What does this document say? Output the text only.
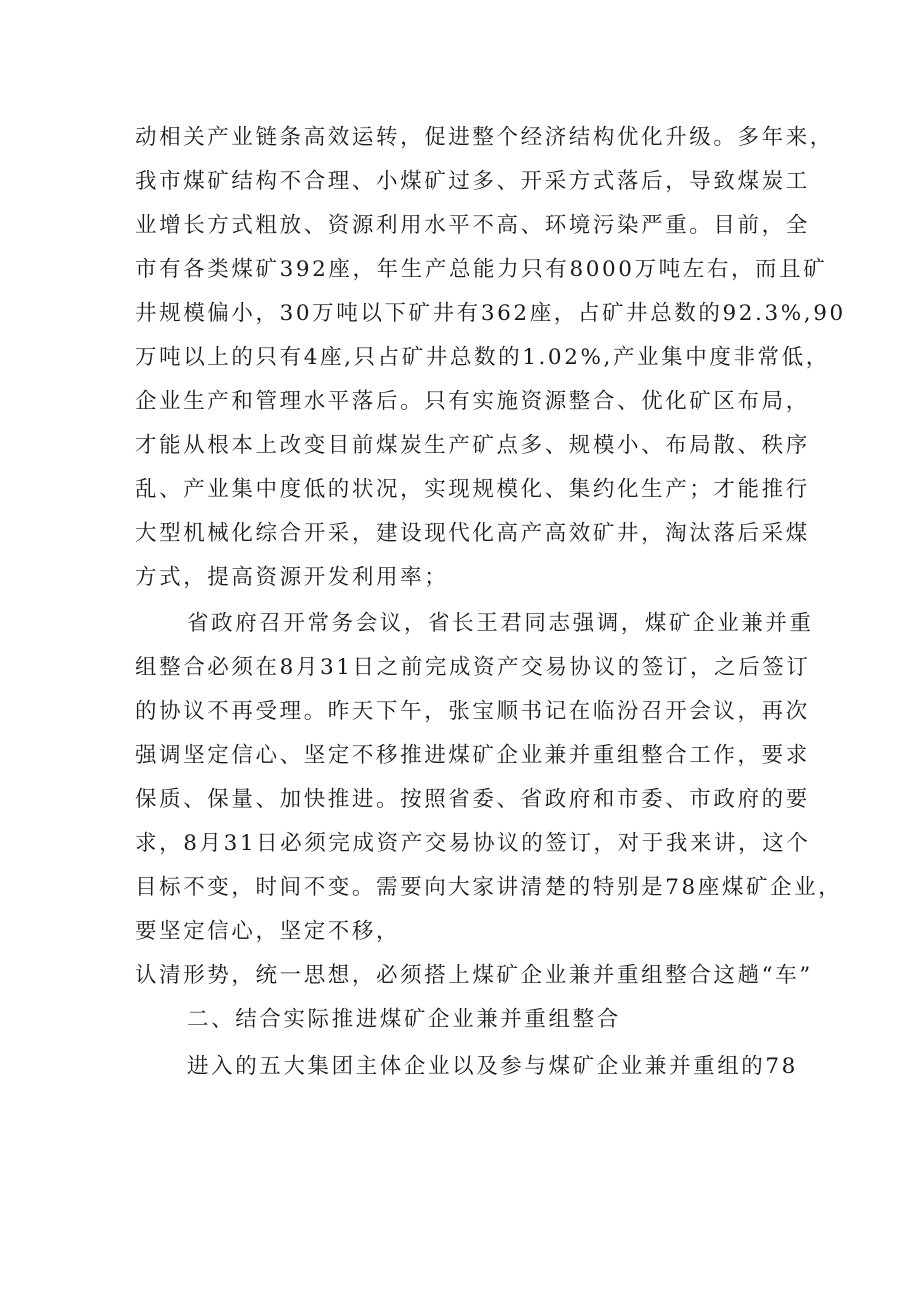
动相关产业链条高效运转，促进整个经济结构优化升级。多年来，

我市煤矿结构不合理、小煤矿过多、开采方式落后，导致煤炭工

业增长方式粗放、资源利用水平不高、环境污染严重。目前，全

市有各类煤矿392座，年生产总能力只有8000万吨左右，而且矿

井规模偏小，30万吨以下矿井有362座，占矿井总数的92.3%,90

万吨以上的只有4座,只占矿井总数的1.02%,产业集中度非常低，

企业生产和管理水平落后。只有实施资源整合、优化矿区布局，

才能从根本上改变目前煤炭生产矿点多、规模小、布局散、秩序

乱、产业集中度低的状况，实现规模化、集约化生产；才能推行

大型机械化综合开采，建设现代化高产高效矿井，淘汰落后采煤

方式，提高资源开发利用率；

省政府召开常务会议，省长王君同志强调，煤矿企业兼并重

组整合必须在8月31日之前完成资产交易协议的签订，之后签订

的协议不再受理。昨天下午，张宝顺书记在临汾召开会议，再次

强调坚定信心、坚定不移推进煤矿企业兼并重组整合工作，要求

保质、保量、加快推进。按照省委、省政府和市委、市政府的要

求，8月31日必须完成资产交易协议的签订，对于我来讲，这个

目标不变，时间不变。需要向大家讲清楚的特别是78座煤矿企业，

要坚定信心，坚定不移，

认清形势，统一思想，必须搭上煤矿企业兼并重组整合这趟“车”

二、结合实际推进煤矿企业兼并重组整合

进入的五大集团主体企业以及参与煤矿企业兼并重组的78
